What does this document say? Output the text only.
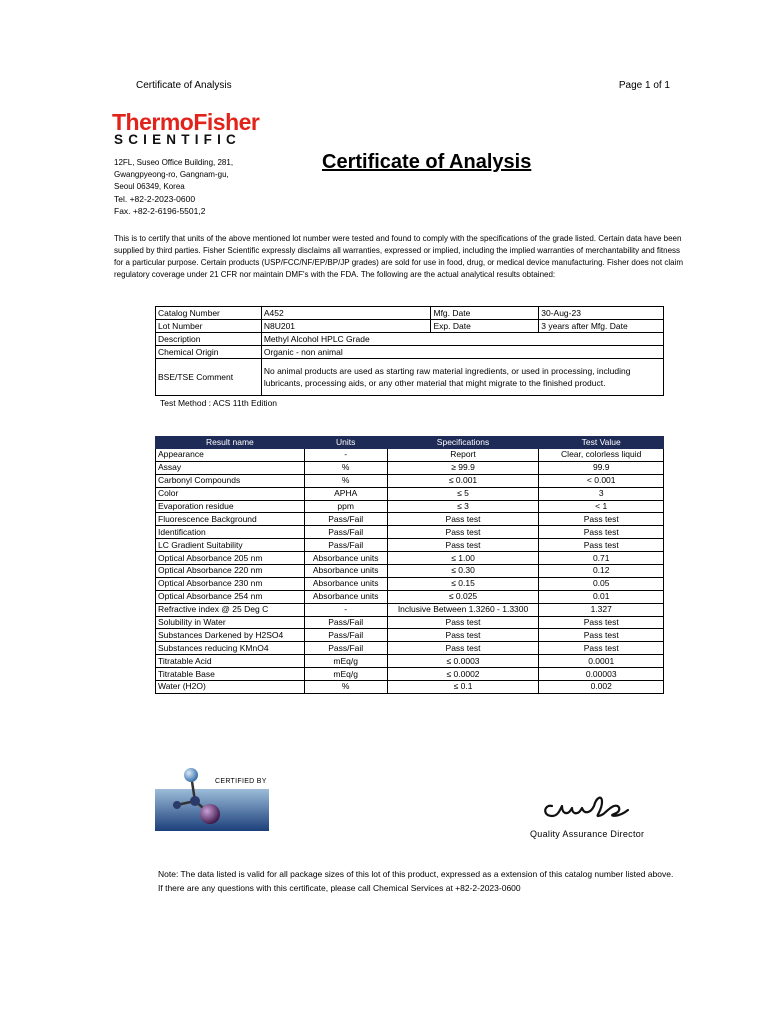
Certificate of Analysis	Page 1 of 1
ThermoFisher
SCIENTIFIC
12FL, Suseo Office Building, 281,
Gwangpyeong-ro, Gangnam-gu,
Seoul 06349, Korea
Tel. +82-2-2023-0600
Fax. +82-2-6196-5501,2
Certificate of Analysis
This is to certify that units of the above mentioned lot number were tested and found to comply with the specifications of the grade listed. Certain data have been supplied by third parties. Fisher Scientific expressly disclaims all warranties, expressed or implied, including the implied warranties of merchantability and fitness for a particular purpose. Certain products (USP/FCC/NF/EP/BP/JP grades) are sold for use in food, drug, or medical device manufacturing. Fisher does not claim regulatory coverage under 21 CFR nor maintain DMF's with the FDA. The following are the actual analytical results obtained:
Catalog Number	A452	Mfg. Date	30-Aug-23
Lot Number	N8U201	Exp. Date	3 years after Mfg. Date
Description	Methyl Alcohol HPLC Grade		
Chemical Origin	Organic - non animal		
BSE/TSE Comment	No animal products are used as starting raw material ingredients, or used in processing, including lubricants, processing aids, or any other material that might migrate to the finished product.		
Test Method : ACS 11th Edition
Result name	Units	Specifications	Test Value
Appearance	-	Report	Clear, colorless liquid
Assay	%	≥ 99.9	99.9
Carbonyl Compounds	%	≤ 0.001	< 0.001
Color	APHA	≤ 5	3
Evaporation residue	ppm	≤ 3	< 1
Fluorescence Background	Pass/Fail	Pass test	Pass test
Identification	Pass/Fail	Pass test	Pass test
LC Gradient Suitability	Pass/Fail	Pass test	Pass test
Optical Absorbance 205 nm	Absorbance units	≤ 1.00	0.71
Optical Absorbance 220 nm	Absorbance units	≤ 0.30	0.12
Optical Absorbance 230 nm	Absorbance units	≤ 0.15	0.05
Optical Absorbance 254 nm	Absorbance units	≤ 0.025	0.01
Refractive index @ 25 Deg C	-	Inclusive Between 1.3260 - 1.3300	1.327
Solubility in Water	Pass/Fail	Pass test	Pass test
Substances Darkened by H2SO4	Pass/Fail	Pass test	Pass test
Substances reducing KMnO4	Pass/Fail	Pass test	Pass test
Titratable Acid	mEq/g	≤ 0.0003	0.0001
Titratable Base	mEq/g	≤ 0.0002	0.00003
Water (H2O)	%	≤ 0.1	0.002
CERTIFIED BY
Quality Assurance Director
Note: The data listed is valid for all package sizes of this lot of this product, expressed as a extension of this catalog number listed above. If there are any questions with this certificate, please call Chemical Services at +82-2-2023-0600
